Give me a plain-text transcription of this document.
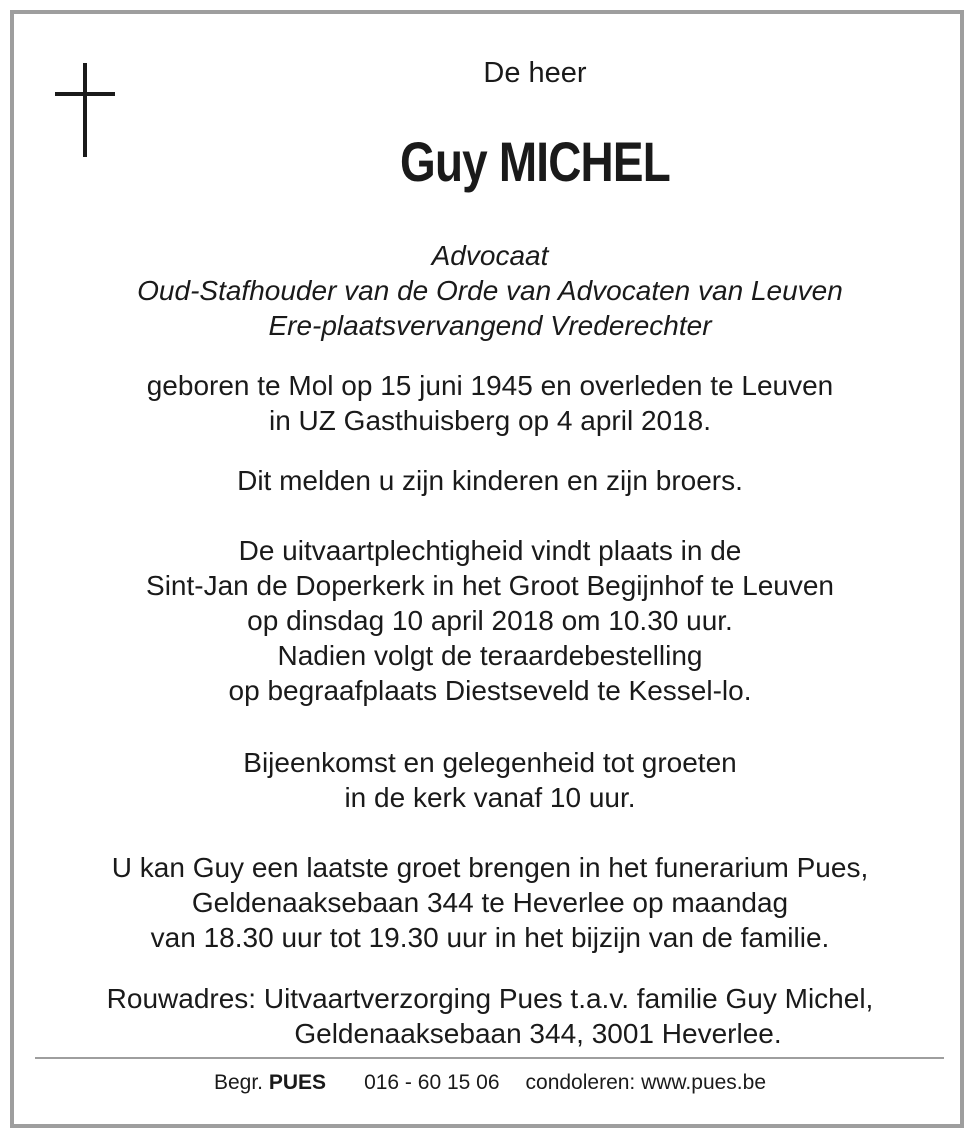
De heer
Guy MICHEL
Advocaat
Oud-Stafhouder van de Orde van Advocaten van Leuven
Ere-plaatsvervangend Vrederechter
geboren te Mol op 15 juni 1945 en overleden te Leuven
in UZ Gasthuisberg op 4 april 2018.
Dit melden u zijn kinderen en zijn broers.
De uitvaartplechtigheid vindt plaats in de
Sint-Jan de Doperkerk in het Groot Begijnhof te Leuven
op dinsdag 10 april 2018 om 10.30 uur.
Nadien volgt de teraardebestelling
op begraafplaats Diestseveld te Kessel-lo.
Bijeenkomst en gelegenheid tot groeten
in de kerk vanaf 10 uur.
U kan Guy een laatste groet brengen in het funerarium Pues,
Geldenaaksebaan 344 te Heverlee op maandag
van 18.30 uur tot 19.30 uur in het bijzijn van de familie.
Rouwadres: Uitvaartverzorging Pues t.a.v. familie Guy Michel,
Geldenaaksebaan 344, 3001 Heverlee.
Begr. PUES 016 - 60 15 06 condoleren: www.pues.be
